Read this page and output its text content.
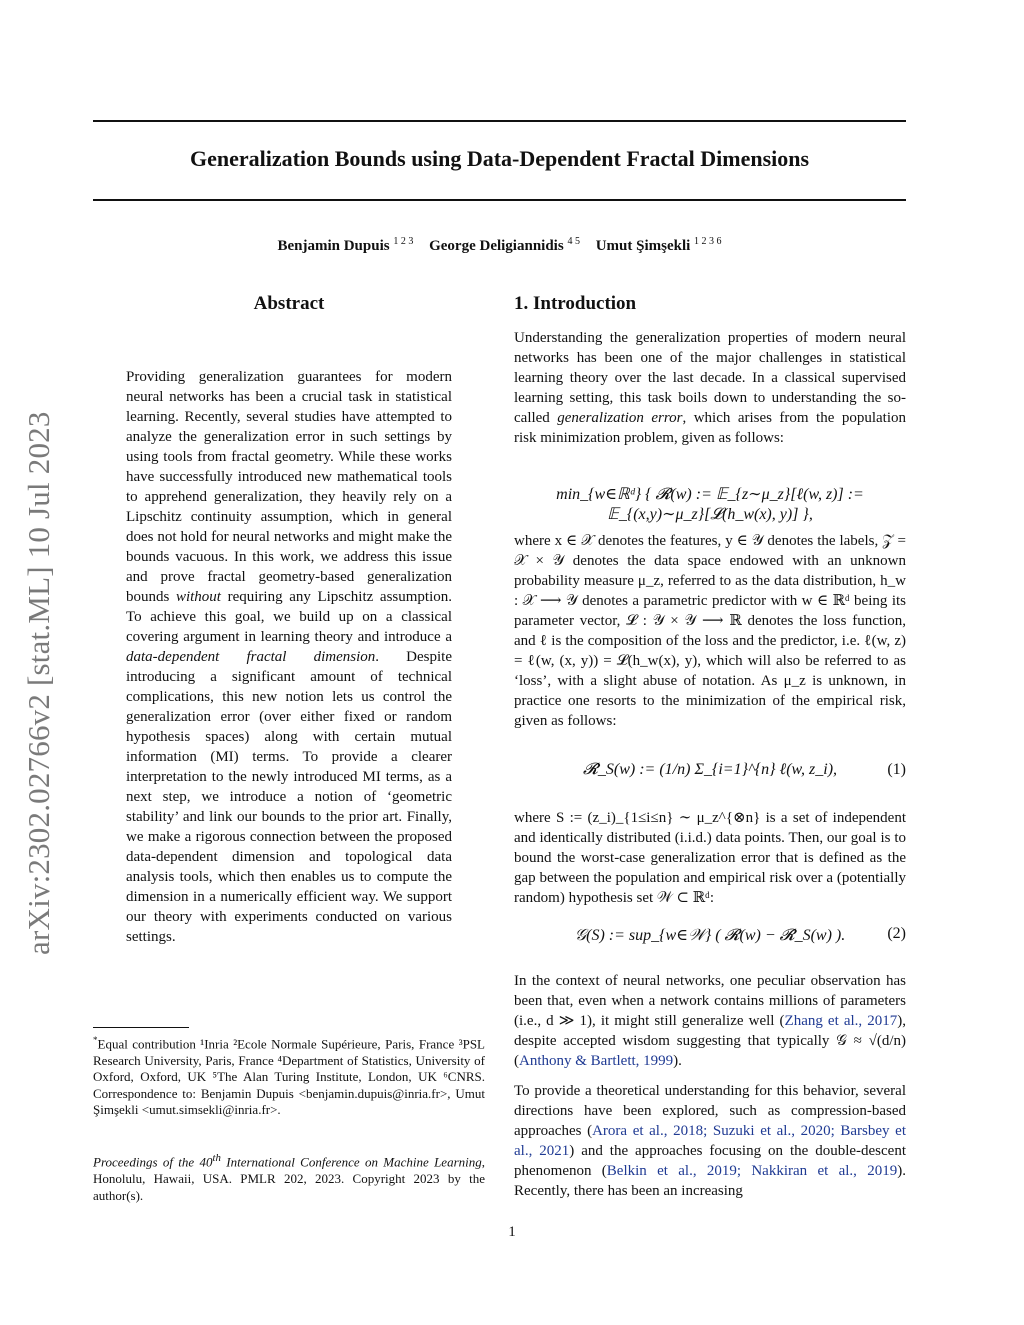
Generalization Bounds using Data-Dependent Fractal Dimensions
Benjamin Dupuis $^{1 2 3}$ George Deligiannidis $^{4 5}$ Umut Şimşekli $^{1 2 3 6}$
arXiv:2302.02766v2 [stat.ML] 10 Jul 2023
Abstract

Providing generalization guarantees for modern neural networks has been a crucial task in statistical learning. Recently, several studies have attempted to analyze the generalization error in such settings by using tools from fractal geometry. While these works have successfully introduced new mathematical tools to apprehend generalization, they heavily rely on a Lipschitz continuity assumption, which in general does not hold for neural networks and might make the bounds vacuous. In this work, we address this issue and prove fractal geometry-based generalization bounds without requiring any Lipschitz assumption. To achieve this goal, we build up on a classical covering argument in learning theory and introduce a data-dependent fractal dimension. Despite introducing a significant amount of technical complications, this new notion lets us control the generalization error (over either fixed or random hypothesis spaces) along with certain mutual information (MI) terms. To provide a clearer interpretation to the newly introduced MI terms, as a next step, we introduce a notion of ‘geometric stability’ and link our bounds to the prior art. Finally, we make a rigorous connection between the proposed data-dependent dimension and topological data analysis tools, which then enables us to compute the dimension in a numerically efficient way. We support our theory with experiments conducted on various settings.

1. Introduction

Understanding the generalization properties of modern neural networks has been one of the major challenges in statistical learning theory over the last decade. In a classical supervised learning setting, this task boils down to understanding the so-called generalization error, which arises from the population risk minimization problem, given as follows:

min_{w∈ℝᵈ} { 𝓡(w) := 𝔼_{z∼μ_z}[ℓ(w, z)] := 𝔼_{(x,y)∼μ_z}[𝓛(h_w(x), y)] },

where x ∈ 𝒳 denotes the features, y ∈ 𝒴 denotes the labels, 𝒵 = 𝒳 × 𝒴 denotes the data space endowed with an unknown probability measure μ_z, referred to as the data distribution, h_w : 𝒳 ⟶ 𝒴 denotes a parametric predictor with w ∈ ℝᵈ being its parameter vector, 𝓛 : 𝒴 × 𝒴 ⟶ ℝ denotes the loss function, and ℓ is the composition of the loss and the predictor, i.e. ℓ(w, z) = ℓ(w, (x, y)) = 𝓛(h_w(x), y), which will also be referred to as ‘loss’, with a slight abuse of notation. As μ_z is unknown, in practice one resorts to the minimization of the empirical risk, given as follows:

𝓡̂_S(w) := (1/n) Σ_{i=1}^{n} ℓ(w, z_i),	(1)

where S := (z_i)_{1≤i≤n} ∼ μ_z^{⊗n} is a set of independent and identically distributed (i.i.d.) data points. Then, our goal is to bound the worst-case generalization error that is defined as the gap between the population and empirical risk over a (potentially random) hypothesis set 𝒲 ⊂ ℝᵈ:

𝒢(S) := sup_{w∈𝒲} ( 𝓡(w) − 𝓡̂_S(w) ).	(2)

In the context of neural networks, one peculiar observation has been that, even when a network contains millions of parameters (i.e., d ≫ 1), it might still generalize well (Zhang et al., 2017), despite accepted wisdom suggesting that typically 𝒢 ≈ √(d/n) (Anthony & Bartlett, 1999).

To provide a theoretical understanding for this behavior, several directions have been explored, such as compression-based approaches (Arora et al., 2018; Suzuki et al., 2020; Barsbey et al., 2021) and the approaches focusing on the double-descent phenomenon (Belkin et al., 2019; Nakkiran et al., 2019). Recently, there has been an increasing

*Equal contribution ¹Inria ²Ecole Normale Supérieure, Paris, France ³PSL Research University, Paris, France ⁴Department of Statistics, University of Oxford, Oxford, UK ⁵The Alan Turing Institute, London, UK ⁶CNRS. Correspondence to: Benjamin Dupuis <benjamin.dupuis@inria.fr>, Umut Şimşekli <umut.simsekli@inria.fr>.

Proceedings of the 40th International Conference on Machine Learning, Honolulu, Hawaii, USA. PMLR 202, 2023. Copyright 2023 by the author(s).

1
